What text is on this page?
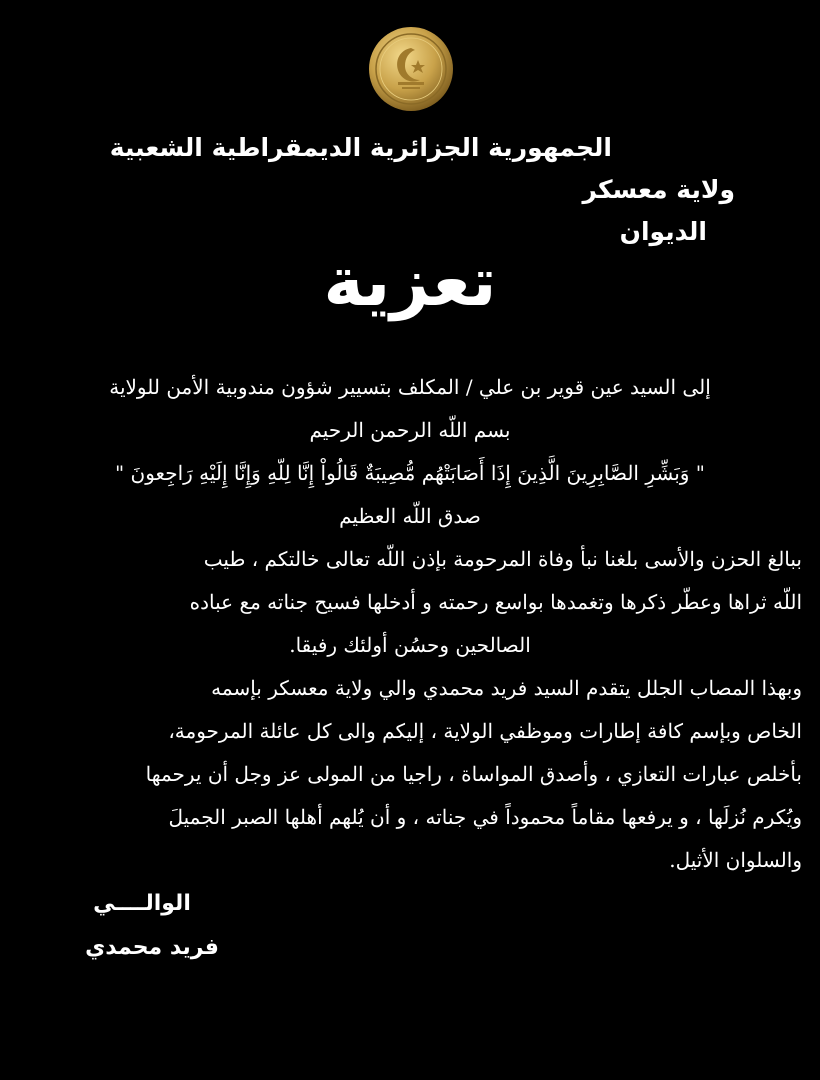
الجمهورية الجزائرية الديمقراطية الشعبية
ولاية معسكر
الديوان
تعزية
إلى السيد عين قوير بن علي / المكلف بتسيير شؤون مندوبية الأمن للولاية
بسم اللّه الرحمن الرحيم
" وَبَشِّرِ الصَّابِرِينَ الَّذِينَ إِذَا أَصَابَتْهُم مُّصِيبَةٌ قَالُواْ إِنَّا لِلّهِ وَإِنَّا إِلَيْهِ رَاجِعونَ "
صدق اللّه العظيم
ببالغ الحزن والأسى بلغنا نبأ وفاة المرحومة بإذن اللّه تعالى خالتكم ، طيب
اللّه ثراها وعطّر ذكرها وتغمدها بواسع رحمته و أدخلها فسيح جناته مع عباده
الصالحين وحسُن أولئك رفيقا.
وبهذا المصاب الجلل يتقدم السيد فريد محمدي والي ولاية معسكر بإسمه
الخاص وبإسم كافة إطارات وموظفي الولاية ، إليكم والى كل عائلة المرحومة،
بأخلص عبارات التعازي ، وأصدق المواساة ، راجيا من المولى عز وجل أن يرحمها
ويُكرم نُزلَها ، و يرفعها مقاماً محموداً في جناته ، و أن يُلهم أهلها الصبر الجميلَ
والسلوان الأثيل.
الوالــــي
فريد محمدي
